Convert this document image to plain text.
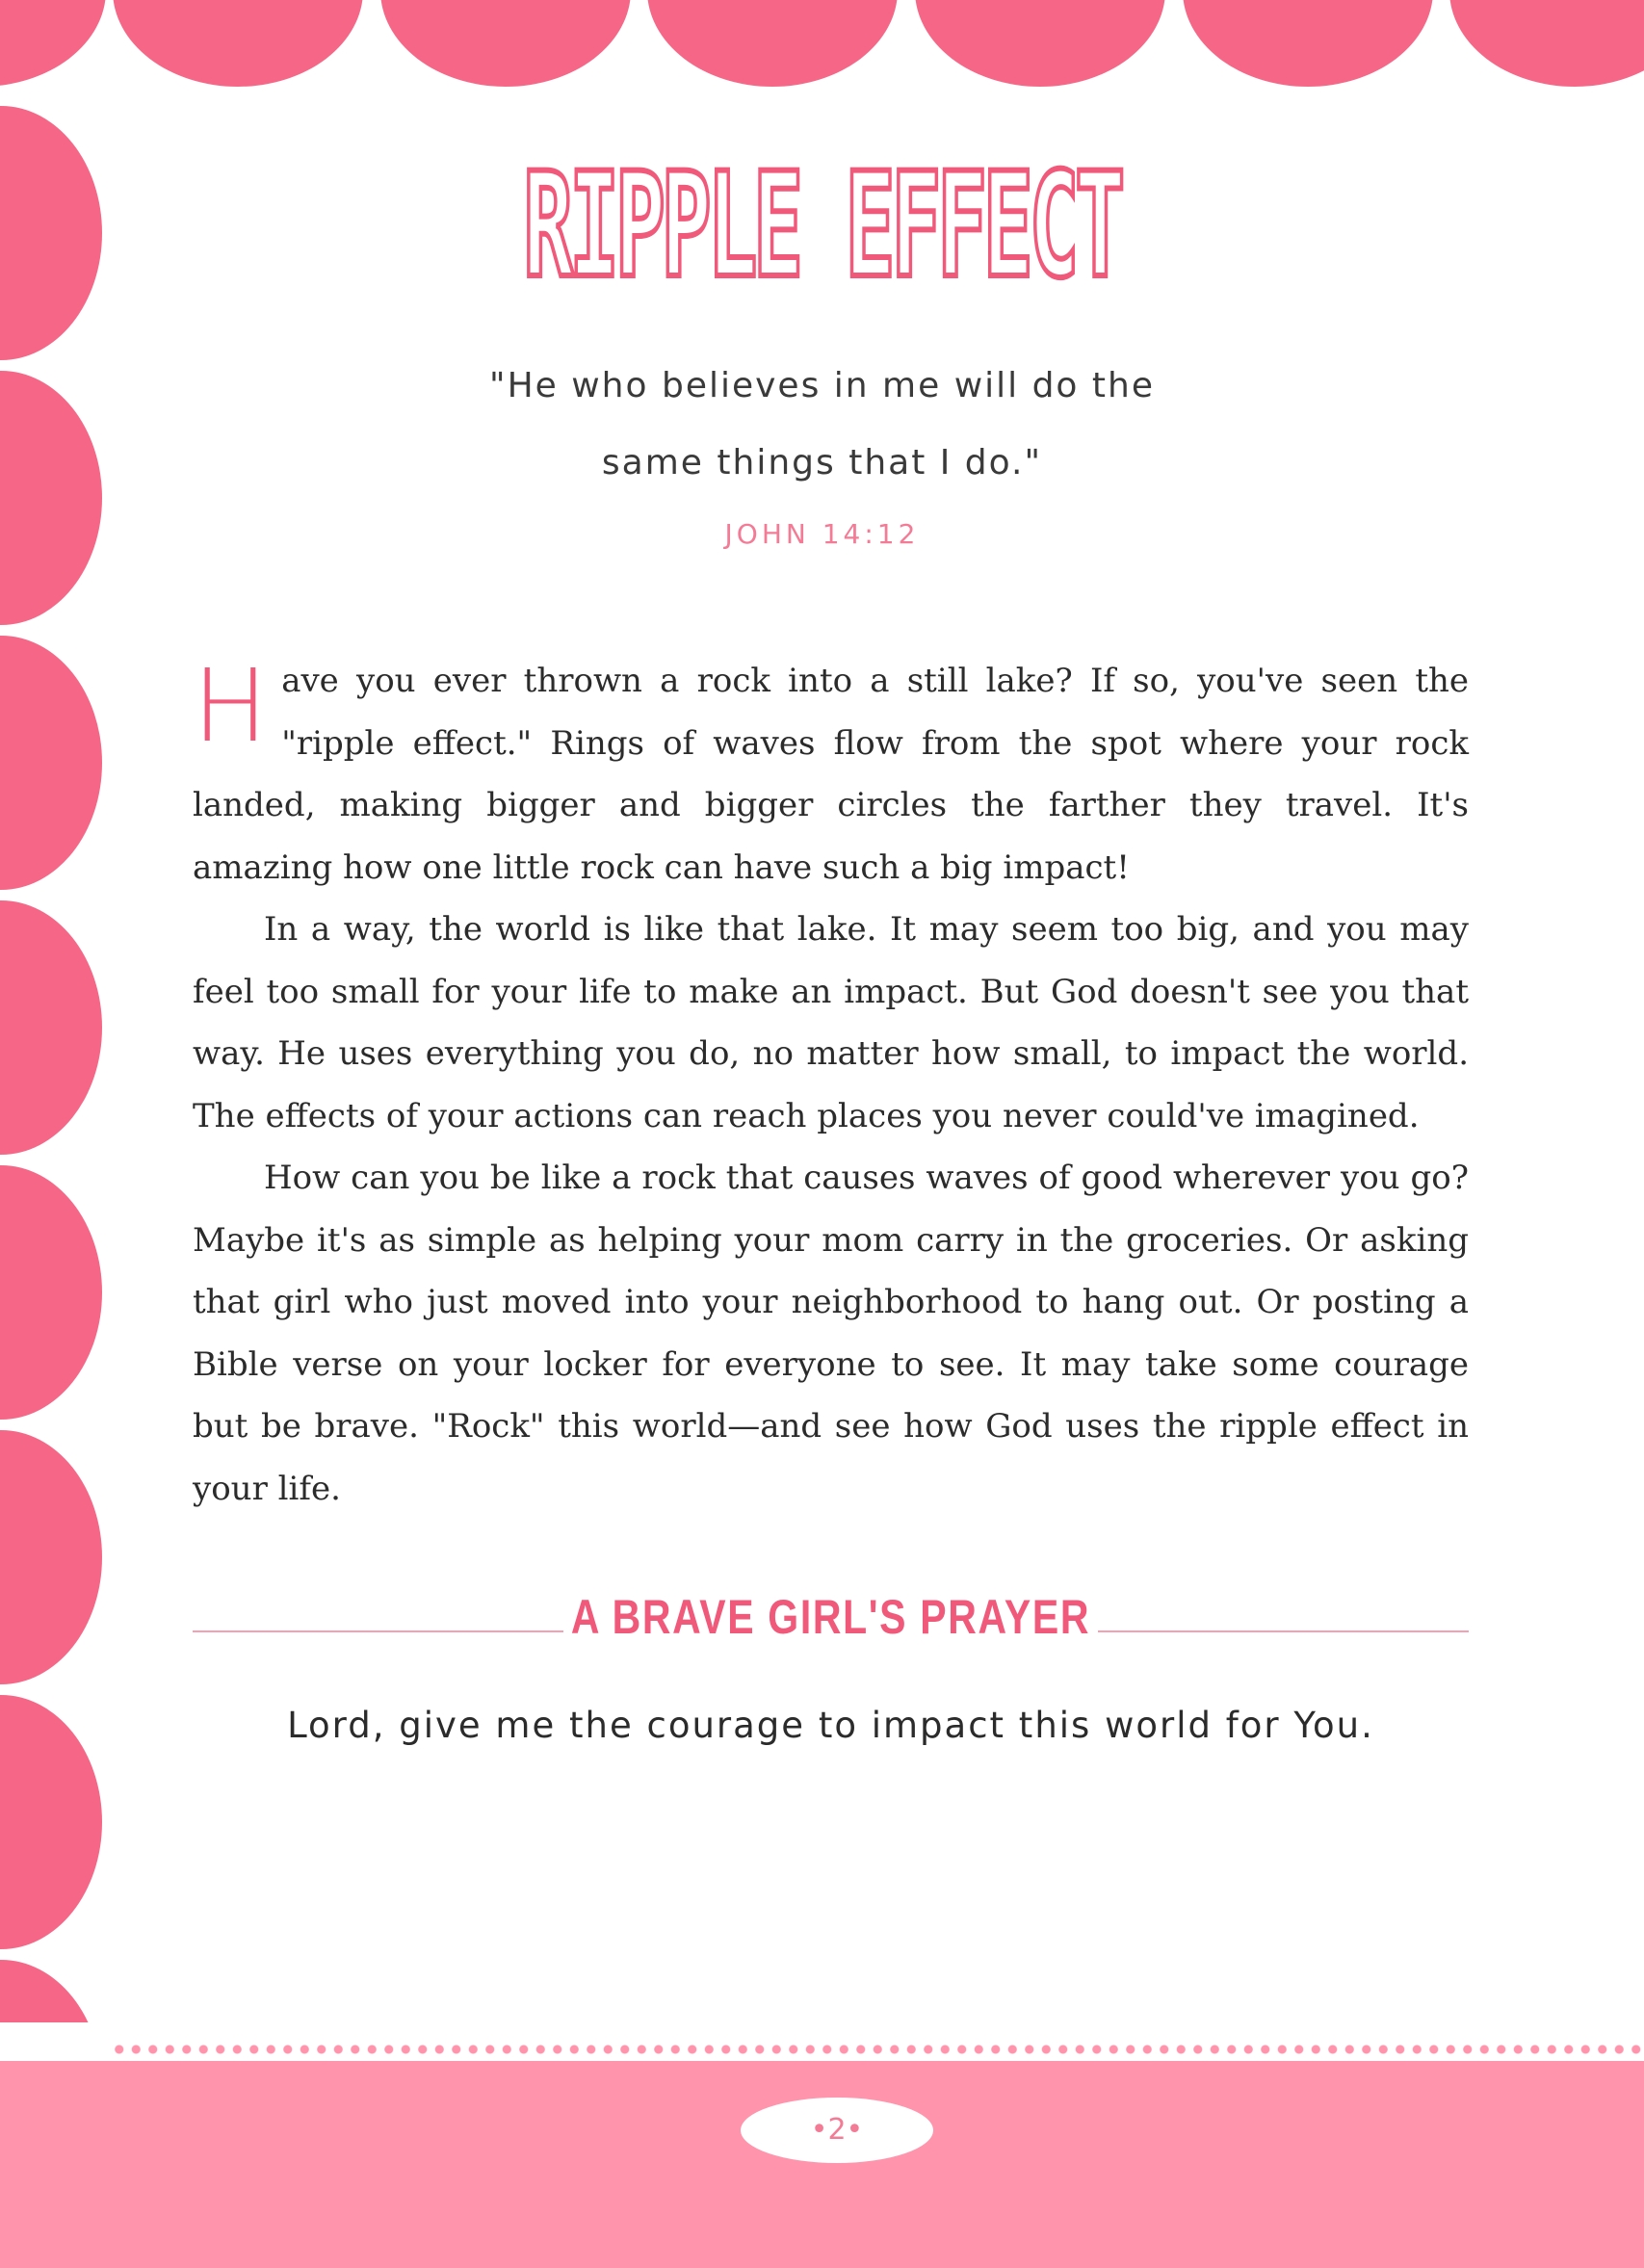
RIPPLE EFFECT

"He who believes in me will do the

same things that I do."

JOHN 14:12

Have you ever thrown a rock into a still lake? If so, you've seen the "ripple effect." Rings of waves flow from the spot where your rock landed, making bigger and bigger circles the farther they travel. It's amazing how one little rock can have such a big impact!

In a way, the world is like that lake. It may seem too big, and you may feel too small for your life to make an impact. But God doesn't see you that way. He uses everything you do, no matter how small, to impact the world. The effects of your actions can reach places you never could've imagined.

How can you be like a rock that causes waves of good wherever you go? Maybe it's as simple as helping your mom carry in the groceries. Or asking that girl who just moved into your neighborhood to hang out. Or posting a Bible verse on your locker for everyone to see. It may take some courage but be brave. "Rock" this world—and see how God uses the ripple effect in your life.

A BRAVE GIRL'S PRAYER
Lord, give me the courage to impact this world for You.
•2•
